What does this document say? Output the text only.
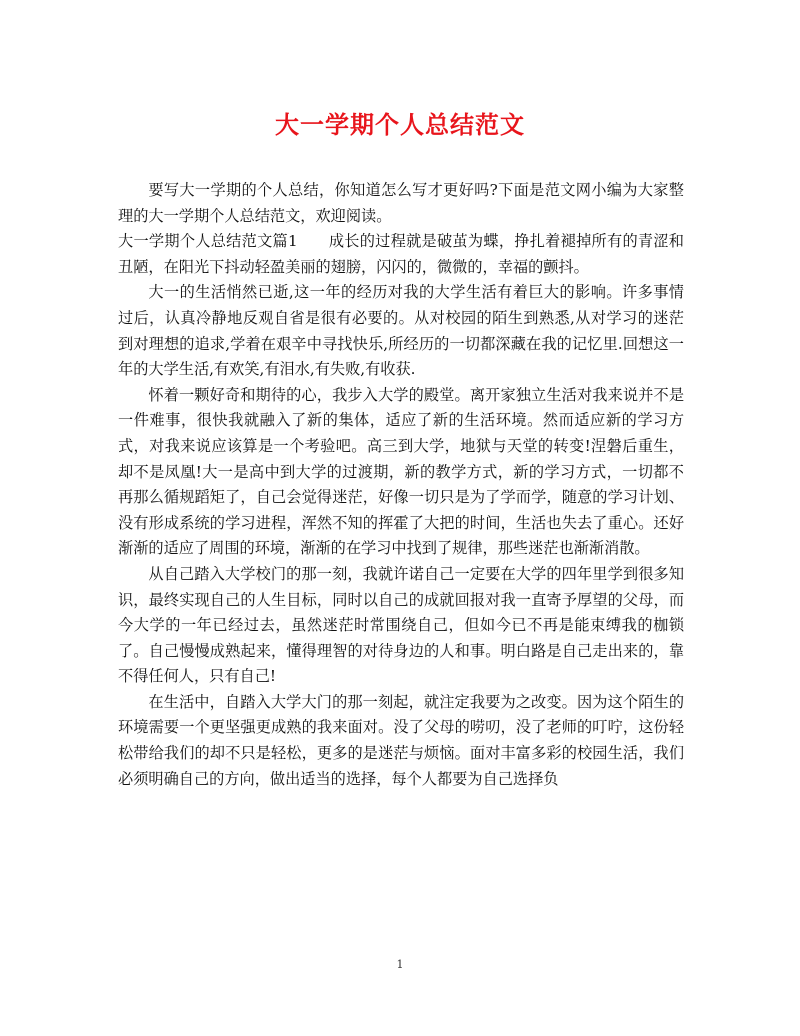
大一学期个人总结范文

要写大一学期的个人总结，你知道怎么写才更好吗?下面是范文网小编为大家整理的大一学期个人总结范文，欢迎阅读。

大一学期个人总结范文篇1　　成长的过程就是破茧为蝶，挣扎着褪掉所有的青涩和丑陋，在阳光下抖动轻盈美丽的翅膀，闪闪的，微微的，幸福的颤抖。

大一的生活悄然已逝,这一年的经历对我的大学生活有着巨大的影响。许多事情过后，认真冷静地反观自省是很有必要的。从对校园的陌生到熟悉,从对学习的迷茫到对理想的追求,学着在艰辛中寻找快乐,所经历的一切都深藏在我的记忆里.回想这一年的大学生活,有欢笑,有泪水,有失败,有收获.

怀着一颗好奇和期待的心，我步入大学的殿堂。离开家独立生活对我来说并不是一件难事，很快我就融入了新的集体，适应了新的生活环境。然而适应新的学习方式，对我来说应该算是一个考验吧。高三到大学，地狱与天堂的转变!涅磐后重生，却不是凤凰!大一是高中到大学的过渡期，新的教学方式，新的学习方式，一切都不再那么循规蹈矩了，自己会觉得迷茫，好像一切只是为了学而学，随意的学习计划、没有形成系统的学习进程，浑然不知的挥霍了大把的时间，生活也失去了重心。还好渐渐的适应了周围的环境，渐渐的在学习中找到了规律，那些迷茫也渐渐消散。

从自己踏入大学校门的那一刻，我就许诺自己一定要在大学的四年里学到很多知识，最终实现自己的人生目标，同时以自己的成就回报对我一直寄予厚望的父母，而今大学的一年已经过去，虽然迷茫时常围绕自己，但如今已不再是能束缚我的枷锁了。自己慢慢成熟起来，懂得理智的对待身边的人和事。明白路是自己走出来的，靠不得任何人，只有自己!

在生活中，自踏入大学大门的那一刻起，就注定我要为之改变。因为这个陌生的环境需要一个更坚强更成熟的我来面对。没了父母的唠叨，没了老师的叮咛，这份轻松带给我们的却不只是轻松，更多的是迷茫与烦恼。面对丰富多彩的校园生活，我们必须明确自己的方向，做出适当的选择，每个人都要为自己选择负

1
